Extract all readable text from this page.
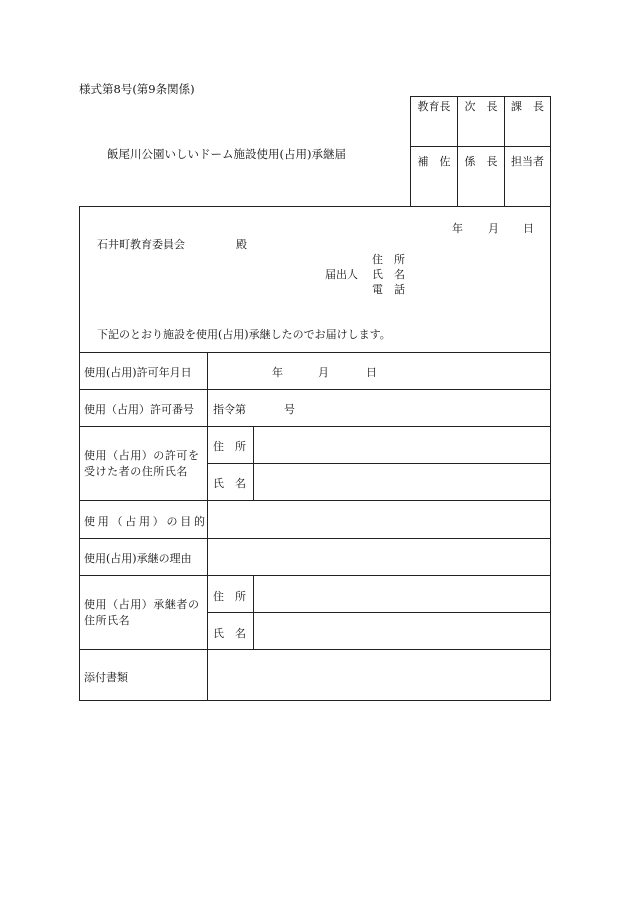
様式第8号(第9条関係)
飯尾川公園いしいドーム施設使用(占用)承継届
教育長	次　長	課　長
補　佐	係　長	担当者
年 月 日
石井町教育委員会	殿
住　所
届出人 氏　名
電　話
下記のとおり施設を使用(占用)承継したのでお届けします。
使用(占用)許可年月日	年	月	日
使用（占用）許可番号 指令第	号
使用（占用）の許可を受けた者の住所氏名
住　所
氏　名
使用（占用）の目的
使用(占用)承継の理由
使用（占用）承継者の住所氏名
住　所
氏　名
添付書類
